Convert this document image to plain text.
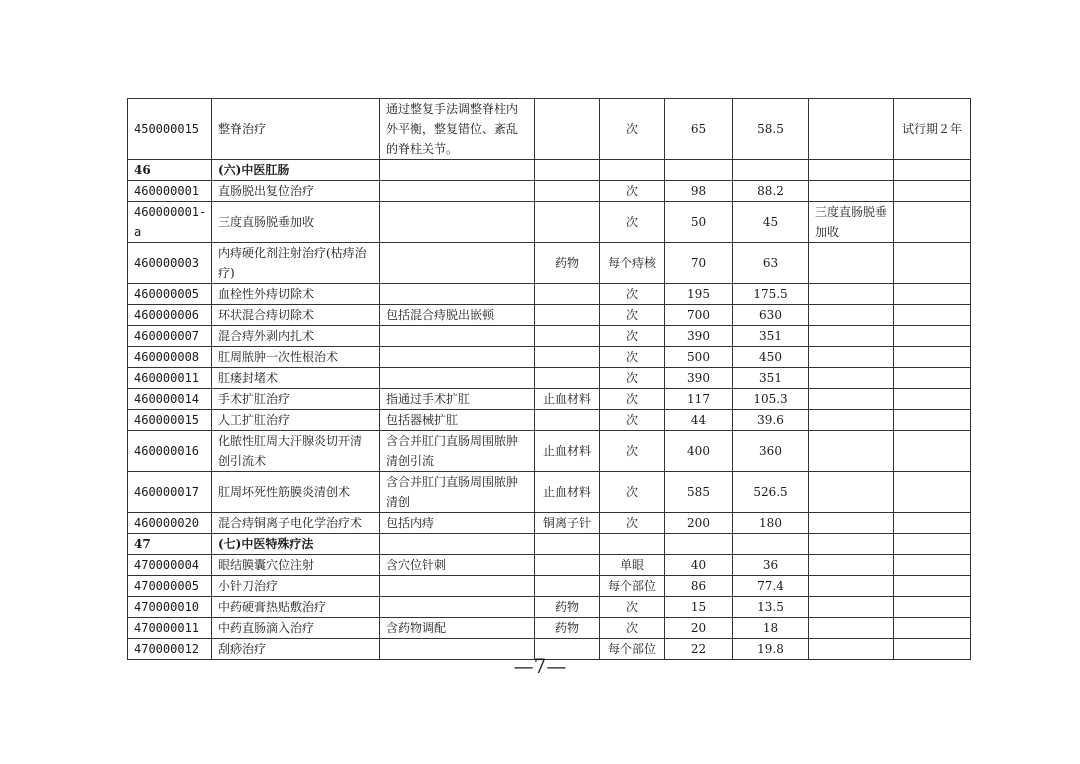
450000015	整脊治疗	通过整复手法调整脊柱内外平衡，整复错位、紊乱的脊柱关节。		次	65	58.5		试行期２年
46	(六)中医肛肠							
460000001	直肠脱出复位治疗			次	98	88.2		
460000001-a	三度直肠脱垂加收			次	50	45	三度直肠脱垂加收	
460000003	内痔硬化剂注射治疗(枯痔治疗)		药物	每个痔核	70	63		
460000005	血栓性外痔切除术			次	195	175.5		
460000006	环状混合痔切除术	包括混合痔脱出嵌顿		次	700	630		
460000007	混合痔外剥内扎术			次	390	351		
460000008	肛周脓肿一次性根治术			次	500	450		
460000011	肛瘘封堵术			次	390	351		
460000014	手术扩肛治疗	指通过手术扩肛	止血材料	次	117	105.3		
460000015	人工扩肛治疗	包括器械扩肛		次	44	39.6		
460000016	化脓性肛周大汗腺炎切开清创引流术	含合并肛门直肠周围脓肿清创引流	止血材料	次	400	360		
460000017	肛周坏死性筋膜炎清创术	含合并肛门直肠周围脓肿清创	止血材料	次	585	526.5		
460000020	混合痔铜离子电化学治疗术	包括内痔	铜离子针	次	200	180		
47	(七)中医特殊疗法							
470000004	眼结膜囊穴位注射	含穴位针刺		单眼	40	36		
470000005	小针刀治疗			每个部位	86	77.4		
470000010	中药硬膏热贴敷治疗		药物	次	15	13.5		
470000011	中药直肠滴入治疗	含药物调配	药物	次	20	18		
470000012	刮痧治疗			每个部位	22	19.8		
—7—
